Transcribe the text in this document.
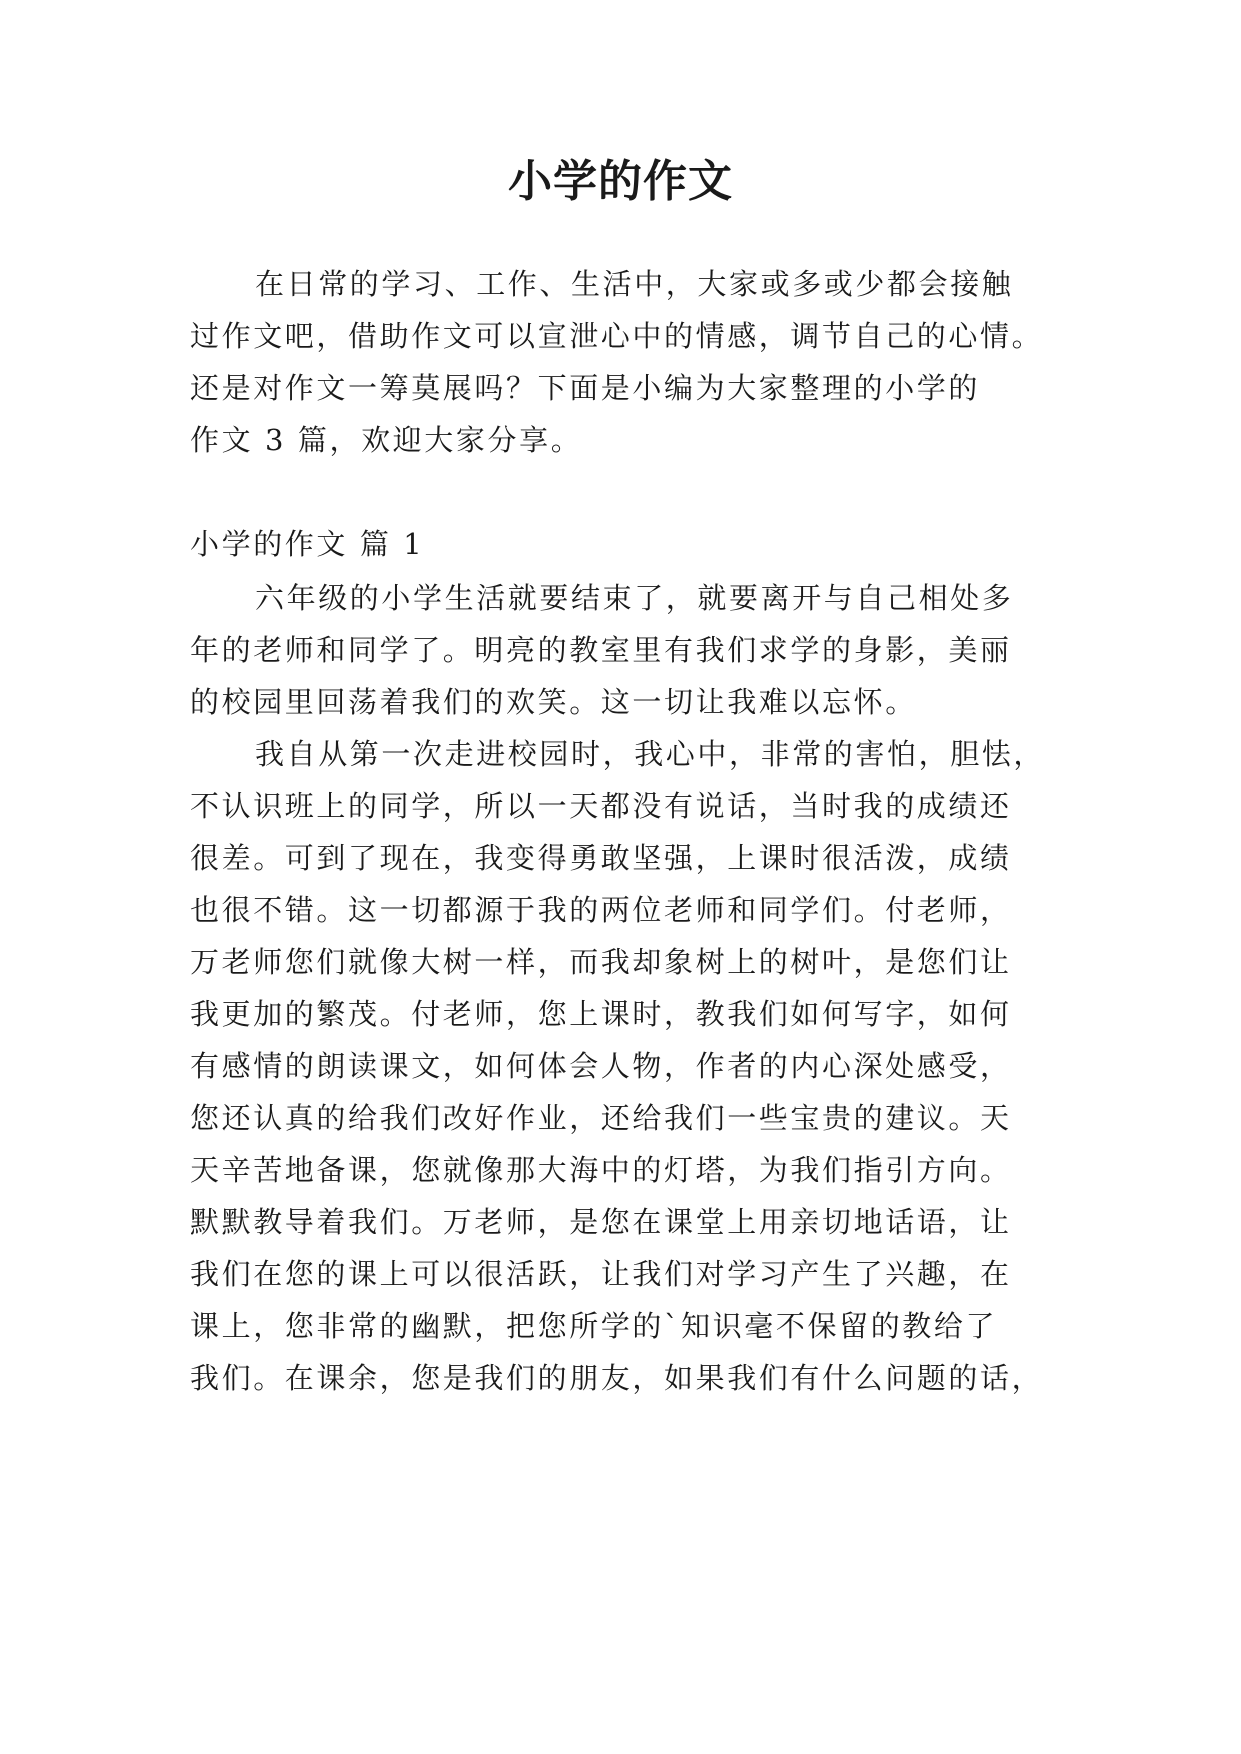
小学的作文
在日常的学习、工作、生活中，大家或多或少都会接触
过作文吧，借助作文可以宣泄心中的情感，调节自己的心情。
还是对作文一筹莫展吗？下面是小编为大家整理的小学的
作文 3 篇，欢迎大家分享。
小学的作文 篇 1
六年级的小学生活就要结束了，就要离开与自己相处多
年的老师和同学了。明亮的教室里有我们求学的身影，美丽
的校园里回荡着我们的欢笑。这一切让我难以忘怀。
我自从第一次走进校园时，我心中，非常的害怕，胆怯，
不认识班上的同学，所以一天都没有说话，当时我的成绩还
很差。可到了现在，我变得勇敢坚强，上课时很活泼，成绩
也很不错。这一切都源于我的两位老师和同学们。付老师，
万老师您们就像大树一样，而我却象树上的树叶，是您们让
我更加的繁茂。付老师，您上课时，教我们如何写字，如何
有感情的朗读课文，如何体会人物，作者的内心深处感受，
您还认真的给我们改好作业，还给我们一些宝贵的建议。天
天辛苦地备课，您就像那大海中的灯塔，为我们指引方向。
默默教导着我们。万老师，是您在课堂上用亲切地话语，让
我们在您的课上可以很活跃，让我们对学习产生了兴趣，在
课上，您非常的幽默，把您所学的`知识毫不保留的教给了
我们。在课余，您是我们的朋友，如果我们有什么问题的话，
